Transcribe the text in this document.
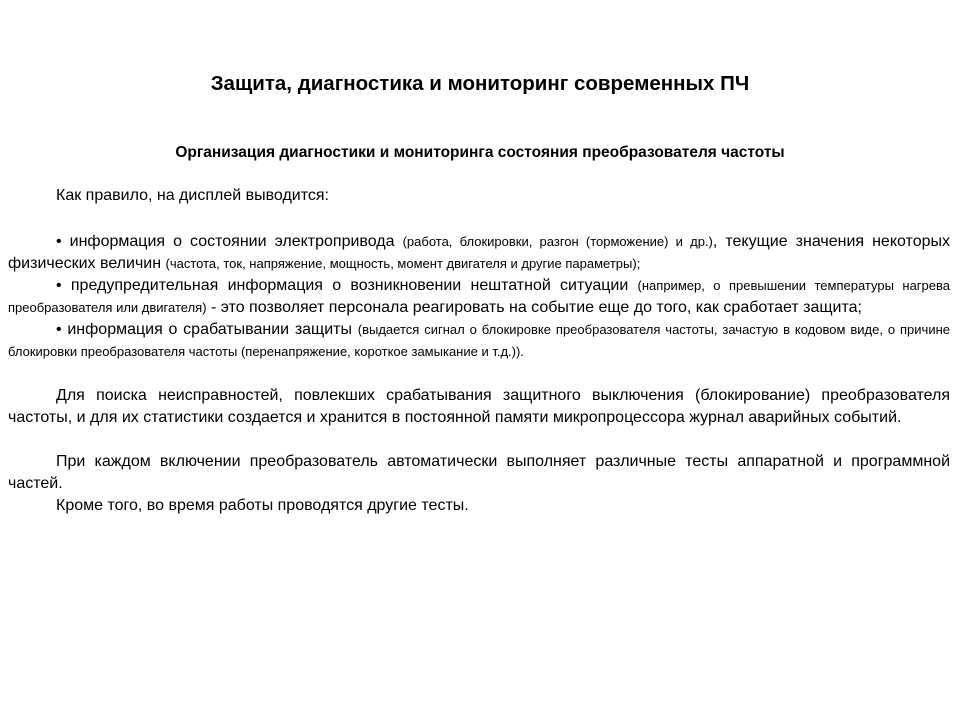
Защита, диагностика и мониторинг современных ПЧ
Организация диагностики и мониторинга состояния преобразователя частоты

Как правило, на дисплей выводится:

• информация о состоянии электропривода (работа, блокировки, разгон (торможение) и др.), текущие значения некоторых физических величин (частота, ток, напряжение, мощность, момент двигателя и другие параметры);

• предупредительная информация о возникновении нештатной ситуации (например, о превышении температуры нагрева преобразователя или двигателя) - это позволяет персонала реагировать на событие еще до того, как сработает защита;

• информация о срабатывании защиты (выдается сигнал о блокировке преобразователя частоты, зачастую в кодовом виде, о причине блокировки преобразователя частоты (перенапряжение, короткое замыкание и т.д.)).

Для поиска неисправностей, повлекших срабатывания защитного выключения (блокирование) преобразователя частоты, и для их статистики создается и хранится в постоянной памяти микропроцессора журнал аварийных событий.

При каждом включении преобразователь автоматически выполняет различные тесты аппаратной и программной частей.

Кроме того, во время работы проводятся другие тесты.
